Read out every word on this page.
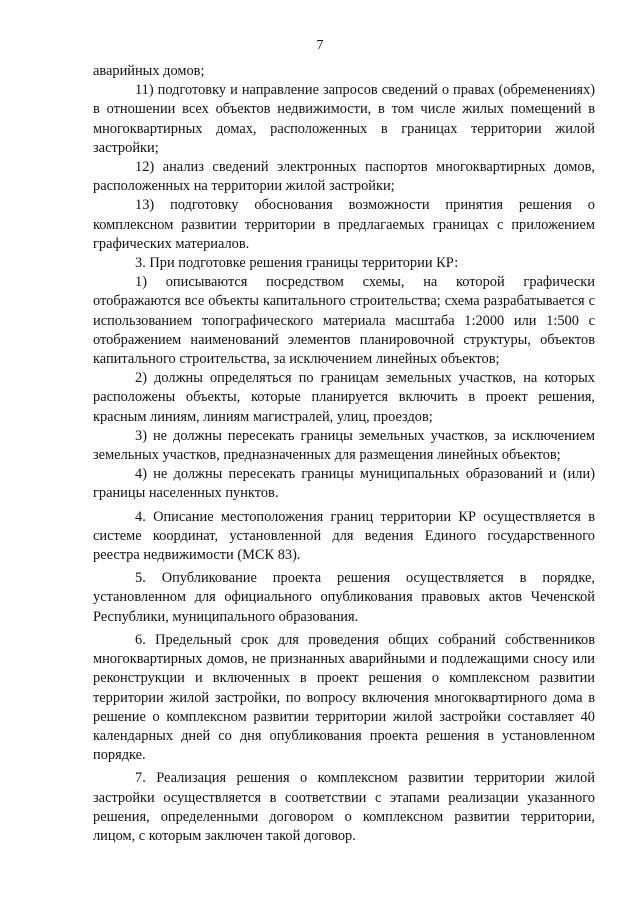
7

аварийных домов;

11) подготовку и направление запросов сведений о правах (обременениях) в отношении всех объектов недвижимости, в том числе жилых помещений в многоквартирных домах, расположенных в границах территории жилой застройки;

12) анализ сведений электронных паспортов многоквартирных домов, расположенных на территории жилой застройки;

13) подготовку обоснования возможности принятия решения о комплексном развитии территории в предлагаемых границах с приложением графических материалов.

3. При подготовке решения границы территории КР:

1) описываются посредством схемы, на которой графически отображаются все объекты капитального строительства; схема разрабатывается с использованием топографического материала масштаба 1:2000 или 1:500 с отображением наименований элементов планировочной структуры, объектов капитального строительства, за исключением линейных объектов;

2) должны определяться по границам земельных участков, на которых расположены объекты, которые планируется включить в проект решения, красным линиям, линиям магистралей, улиц, проездов;

3) не должны пересекать границы земельных участков, за исключением земельных участков, предназначенных для размещения линейных объектов;

4) не должны пересекать границы муниципальных образований и (или) границы населенных пунктов.

4. Описание местоположения границ территории КР осуществляется в системе координат, установленной для ведения Единого государственного реестра недвижимости (МСК 83).

5. Опубликование проекта решения осуществляется в порядке, установленном для официального опубликования правовых актов Чеченской Республики, муниципального образования.

6. Предельный срок для проведения общих собраний собственников многоквартирных домов, не признанных аварийными и подлежащими сносу или реконструкции и включенных в проект решения о комплексном развитии территории жилой застройки, по вопросу включения многоквартирного дома в решение о комплексном развитии территории жилой застройки составляет 40 календарных дней со дня опубликования проекта решения в установленном порядке.

7. Реализация решения о комплексном развитии территории жилой застройки осуществляется в соответствии с этапами реализации указанного решения, определенными договором о комплексном развитии территории, лицом, с которым заключен такой договор.
